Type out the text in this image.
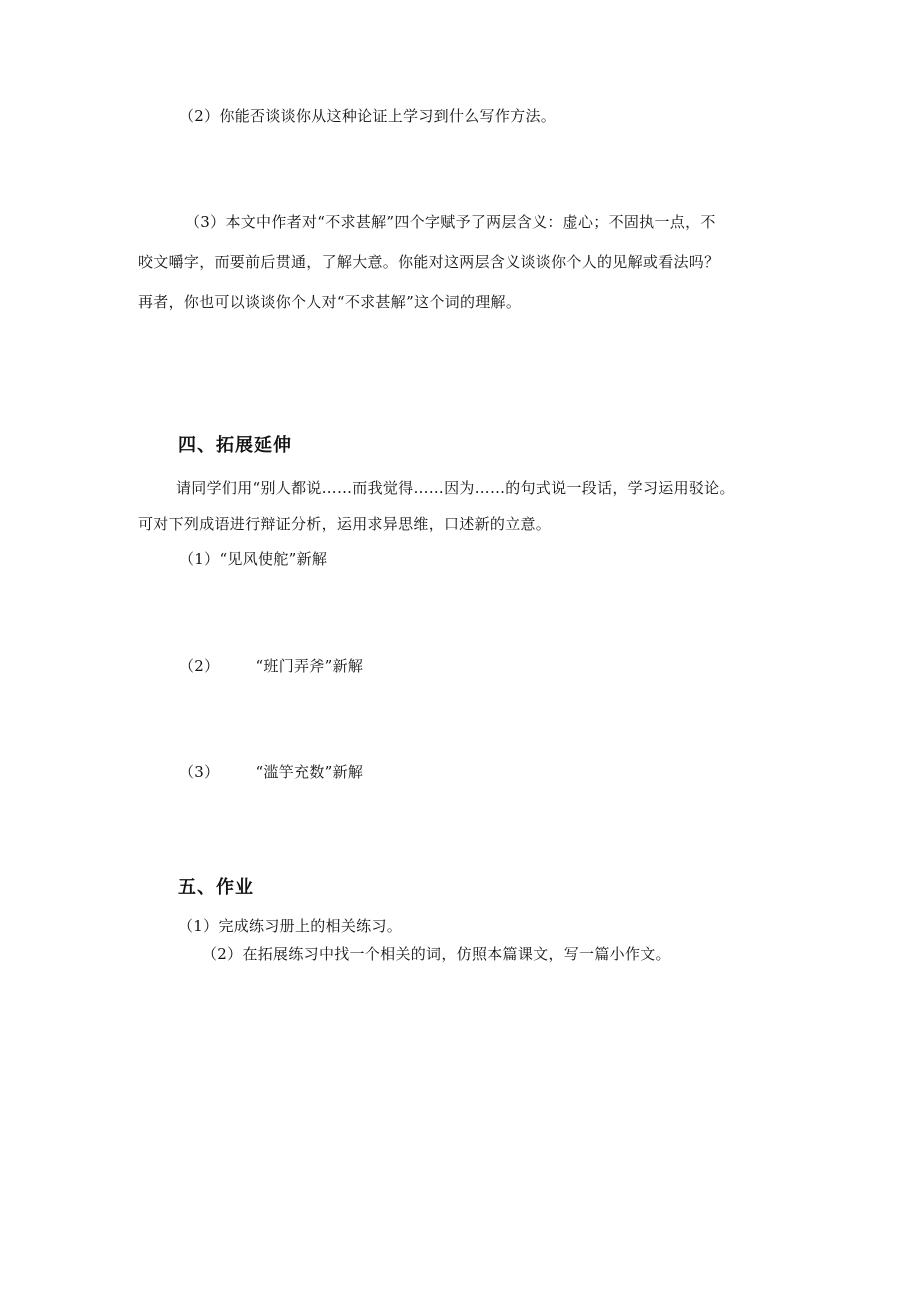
（2）你能否谈谈你从这种论证上学习到什么写作方法。
（3）本文中作者对“不求甚解”四个字赋予了两层含义：虚心；不固执一点，不
咬文嚼字，而要前后贯通，了解大意。你能对这两层含义谈谈你个人的见解或看法吗？
再者，你也可以谈谈你个人对“不求甚解”这个词的理解。
四、拓展延伸
请同学们用“别人都说……而我觉得……因为……的句式说一段话，学习运用驳论。
可对下列成语进行辩证分析，运用求异思维，口述新的立意。
（1）“见风使舵”新解
（2） “班门弄斧”新解
（3） “滥竽充数”新解
五、作业
（1）完成练习册上的相关练习。
（2）在拓展练习中找一个相关的词，仿照本篇课文，写一篇小作文。
